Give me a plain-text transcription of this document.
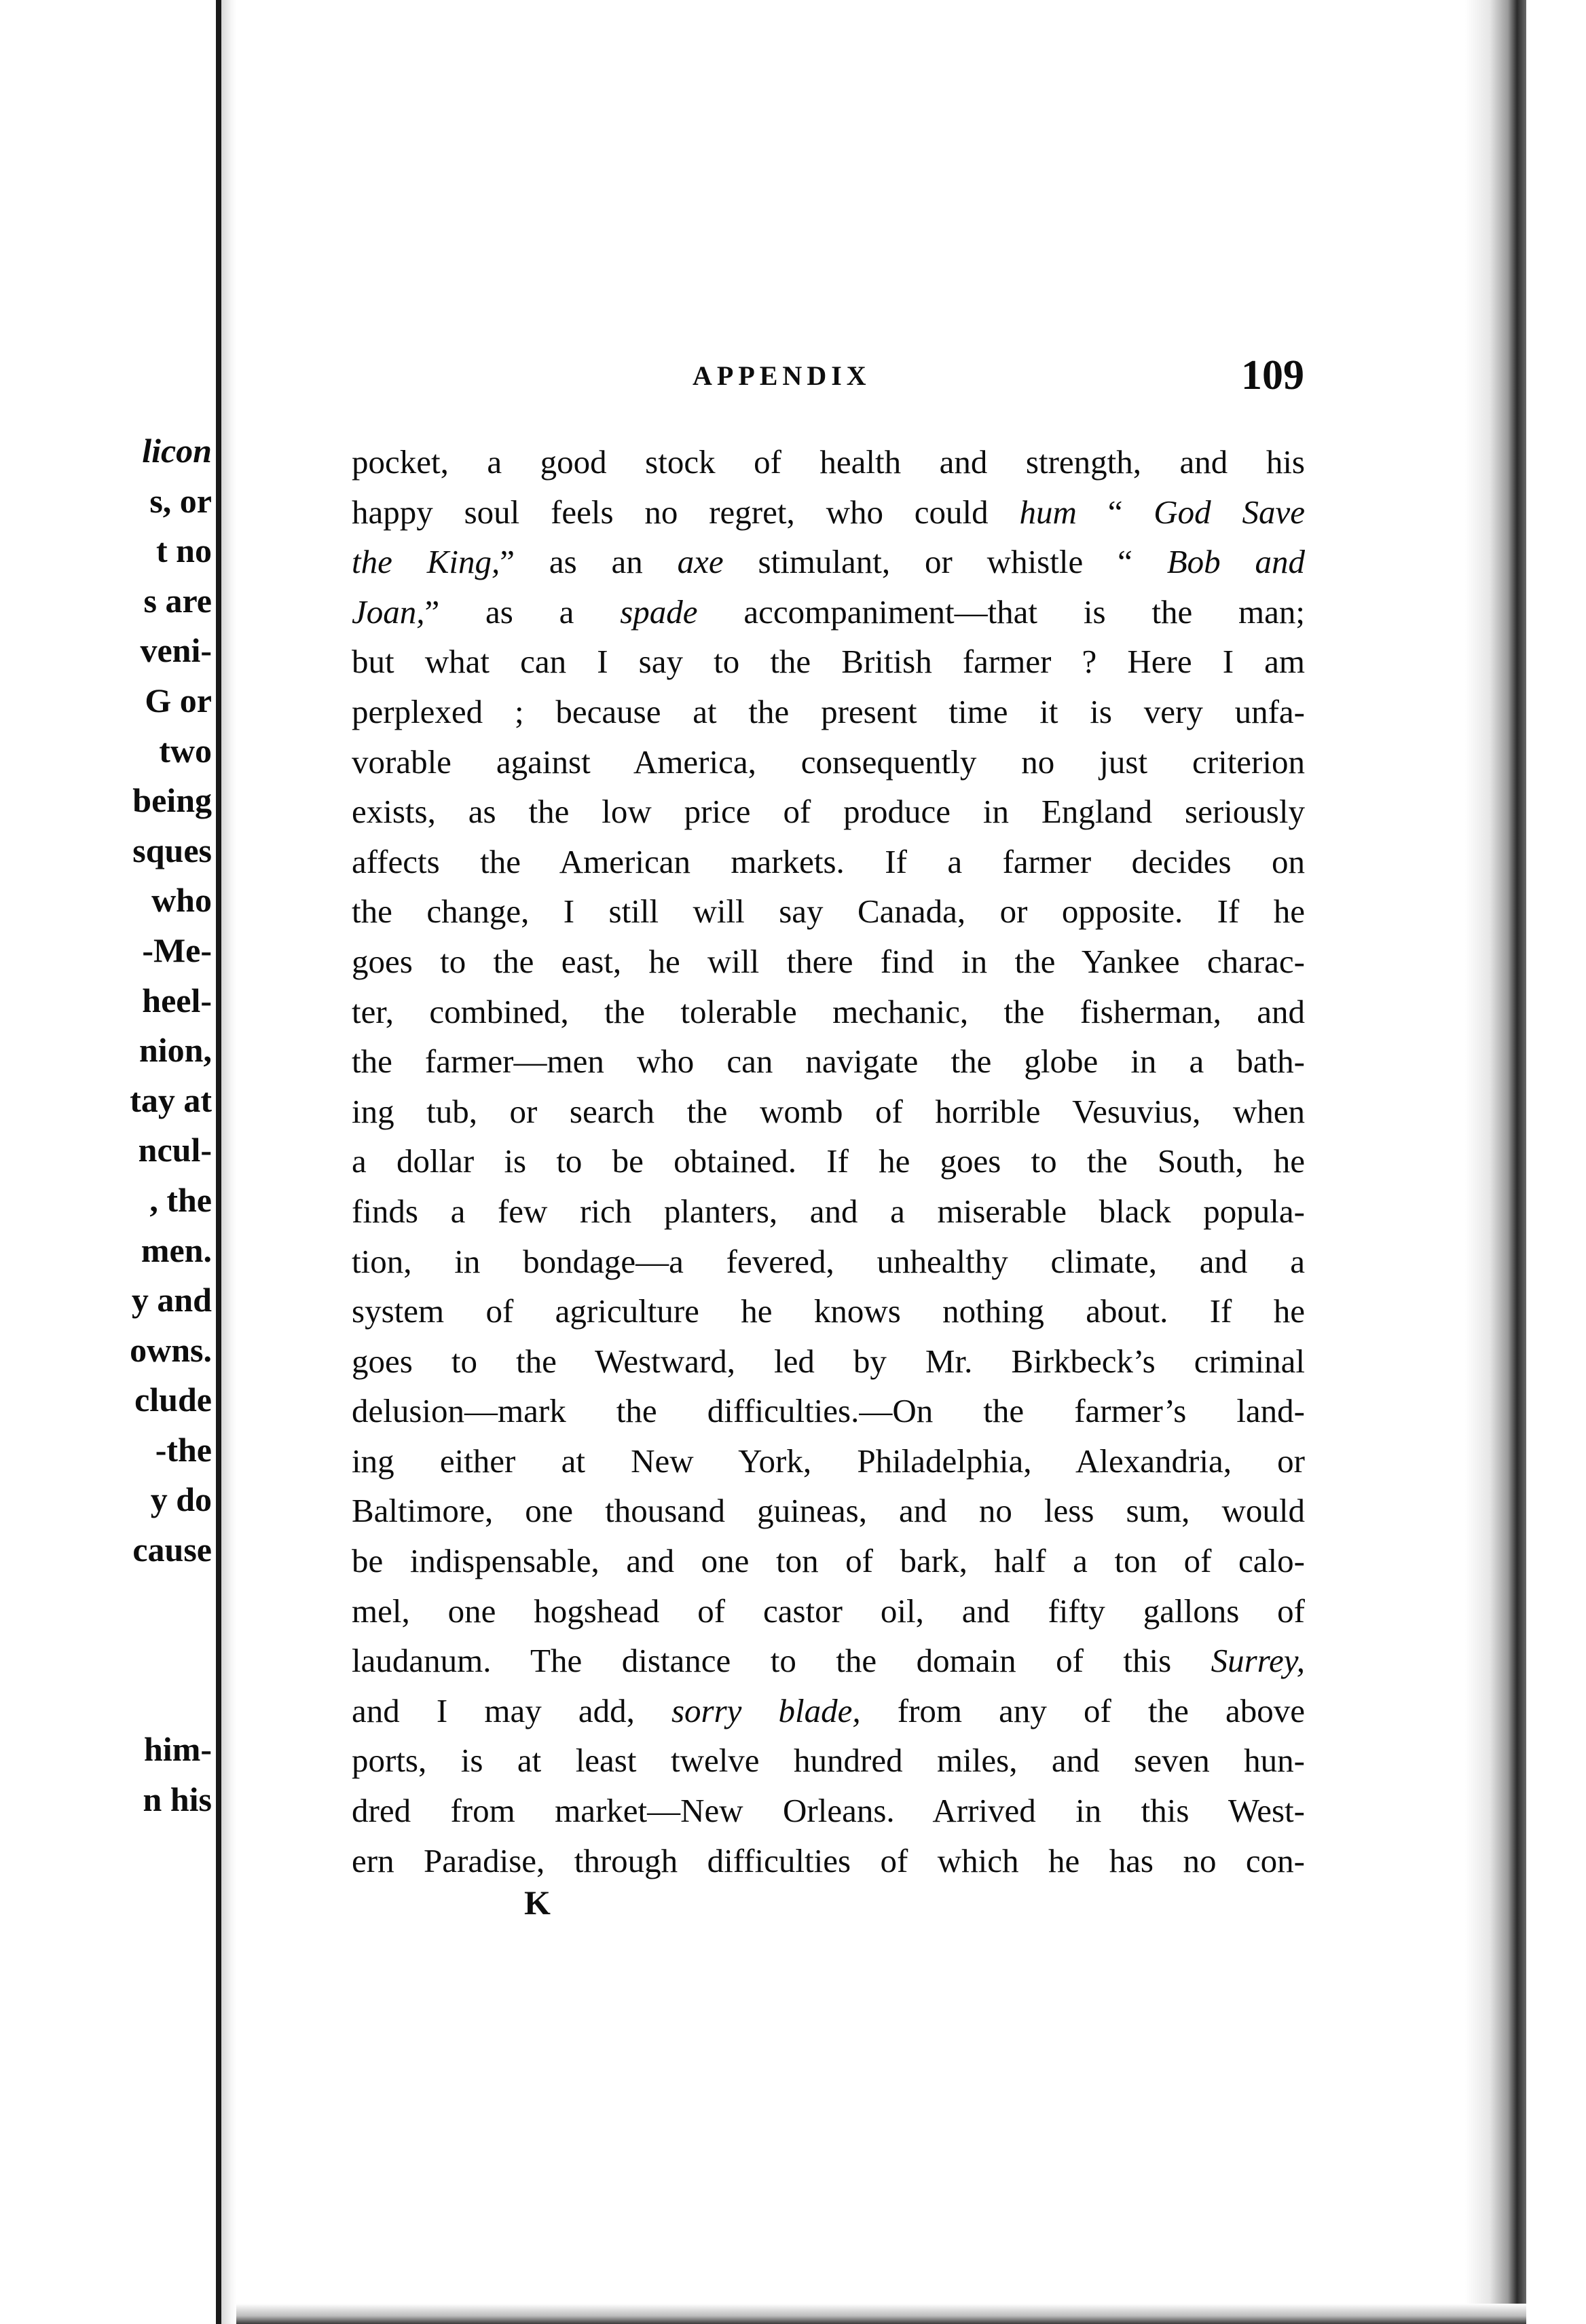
licon
s, or
t no
s are
veni-
G or
two
being
sques
who
-Me-
heel-
nion,
tay at
ncul-
, the
men.
y and
owns.
clude
-the
y do
cause
him-
n his
APPENDIX	109
pocket, a good stock of health and strength, and his
happy soul feels no regret, who could hum “ God Save
the King,” as an axe stimulant, or whistle “ Bob and
Joan,” as a spade accompaniment—that is the man;
but what can I say to the British farmer ? Here I am
perplexed ; because at the present time it is very unfa-
vorable against America, consequently no just criterion
exists, as the low price of produce in England seriously
affects the American markets. If a farmer decides on
the change, I still will say Canada, or opposite. If he
goes to the east, he will there find in the Yankee charac-
ter, combined, the tolerable mechanic, the fisherman, and
the farmer—men who can navigate the globe in a bath-
ing tub, or search the womb of horrible Vesuvius, when
a dollar is to be obtained. If he goes to the South, he
finds a few rich planters, and a miserable black popula-
tion, in bondage—a fevered, unhealthy climate, and a
system of agriculture he knows nothing about. If he
goes to the Westward, led by Mr. Birkbeck’s criminal
delusion—mark the difficulties.—On the farmer’s land-
ing either at New York, Philadelphia, Alexandria, or
Baltimore, one thousand guineas, and no less sum, would
be indispensable, and one ton of bark, half a ton of calo-
mel, one hogshead of castor oil, and fifty gallons of
laudanum. The distance to the domain of this Surrey,
and I may add, sorry blade, from any of the above
ports, is at least twelve hundred miles, and seven hun-
dred from market—New Orleans. Arrived in this West-
ern Paradise, through difficulties of which he has no con-
K
